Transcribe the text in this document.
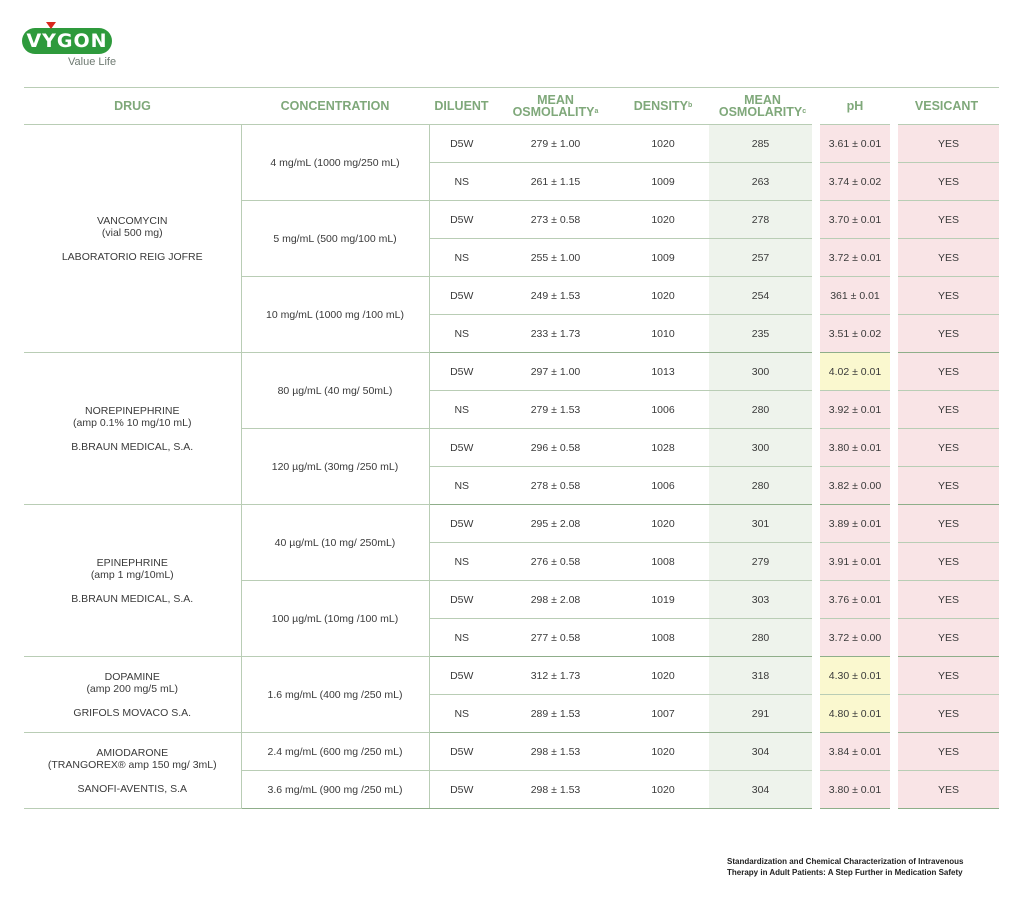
VYGON
Value Life
DRUG	CONCENTRATION	DILUENT	MEAN OSMOLALITY$^a$	DENSITY$^b$	MEAN OSMOLARITY$^c$	pH	VESICANT

VANCOMYCIN
(vial 500 mg)
LABORATORIO REIG JOFRE	4 mg/mL (1000 mg/250 mL)	D5W	279 ± 1.00	1020	285	3.61 ± 0.01	YES
		NS	261 ± 1.15	1009	263	3.74 ± 0.02	YES
	5 mg/mL (500 mg/100 mL)	D5W	273 ± 0.58	1020	278	3.70 ± 0.01	YES
		NS	255 ± 1.00	1009	257	3.72 ± 0.01	YES
	10 mg/mL (1000 mg /100 mL)	D5W	249 ± 1.53	1020	254	361 ± 0.01	YES
		NS	233 ± 1.73	1010	235	3.51 ± 0.02	YES

NOREPINEPHRINE
(amp 0.1% 10 mg/10 mL)
B.BRAUN MEDICAL, S.A.	80 µg/mL (40 mg/ 50mL)	D5W	297 ± 1.00	1013	300	4.02 ± 0.01	YES
		NS	279 ± 1.53	1006	280	3.92 ± 0.01	YES
	120 µg/mL (30mg /250 mL)	D5W	296 ± 0.58	1028	300	3.80 ± 0.01	YES
		NS	278 ± 0.58	1006	280	3.82 ± 0.00	YES

EPINEPHRINE
(amp 1 mg/10mL)
B.BRAUN MEDICAL, S.A.	40 µg/mL (10 mg/ 250mL)	D5W	295 ± 2.08	1020	301	3.89 ± 0.01	YES
		NS	276 ± 0.58	1008	279	3.91 ± 0.01	YES
	100 µg/mL (10mg /100 mL)	D5W	298 ± 2.08	1019	303	3.76 ± 0.01	YES
		NS	277 ± 0.58	1008	280	3.72 ± 0.00	YES

DOPAMINE
(amp 200 mg/5 mL)
GRIFOLS MOVACO S.A.	1.6 mg/mL (400 mg /250 mL)	D5W	312 ± 1.73	1020	318	4.30 ± 0.01	YES
		NS	289 ± 1.53	1007	291	4.80 ± 0.01	YES

AMIODARONE
(TRANGOREX® amp 150 mg/ 3mL)
SANOFI-AVENTIS, S.A	2.4 mg/mL (600 mg /250 mL)	D5W	298 ± 1.53	1020	304	3.84 ± 0.01	YES
	3.6 mg/mL (900 mg /250 mL)	D5W	298 ± 1.53	1020	304	3.80 ± 0.01	YES
Standardization and Chemical Characterization of Intravenous
Therapy in Adult Patients: A Step Further in Medication Safety
